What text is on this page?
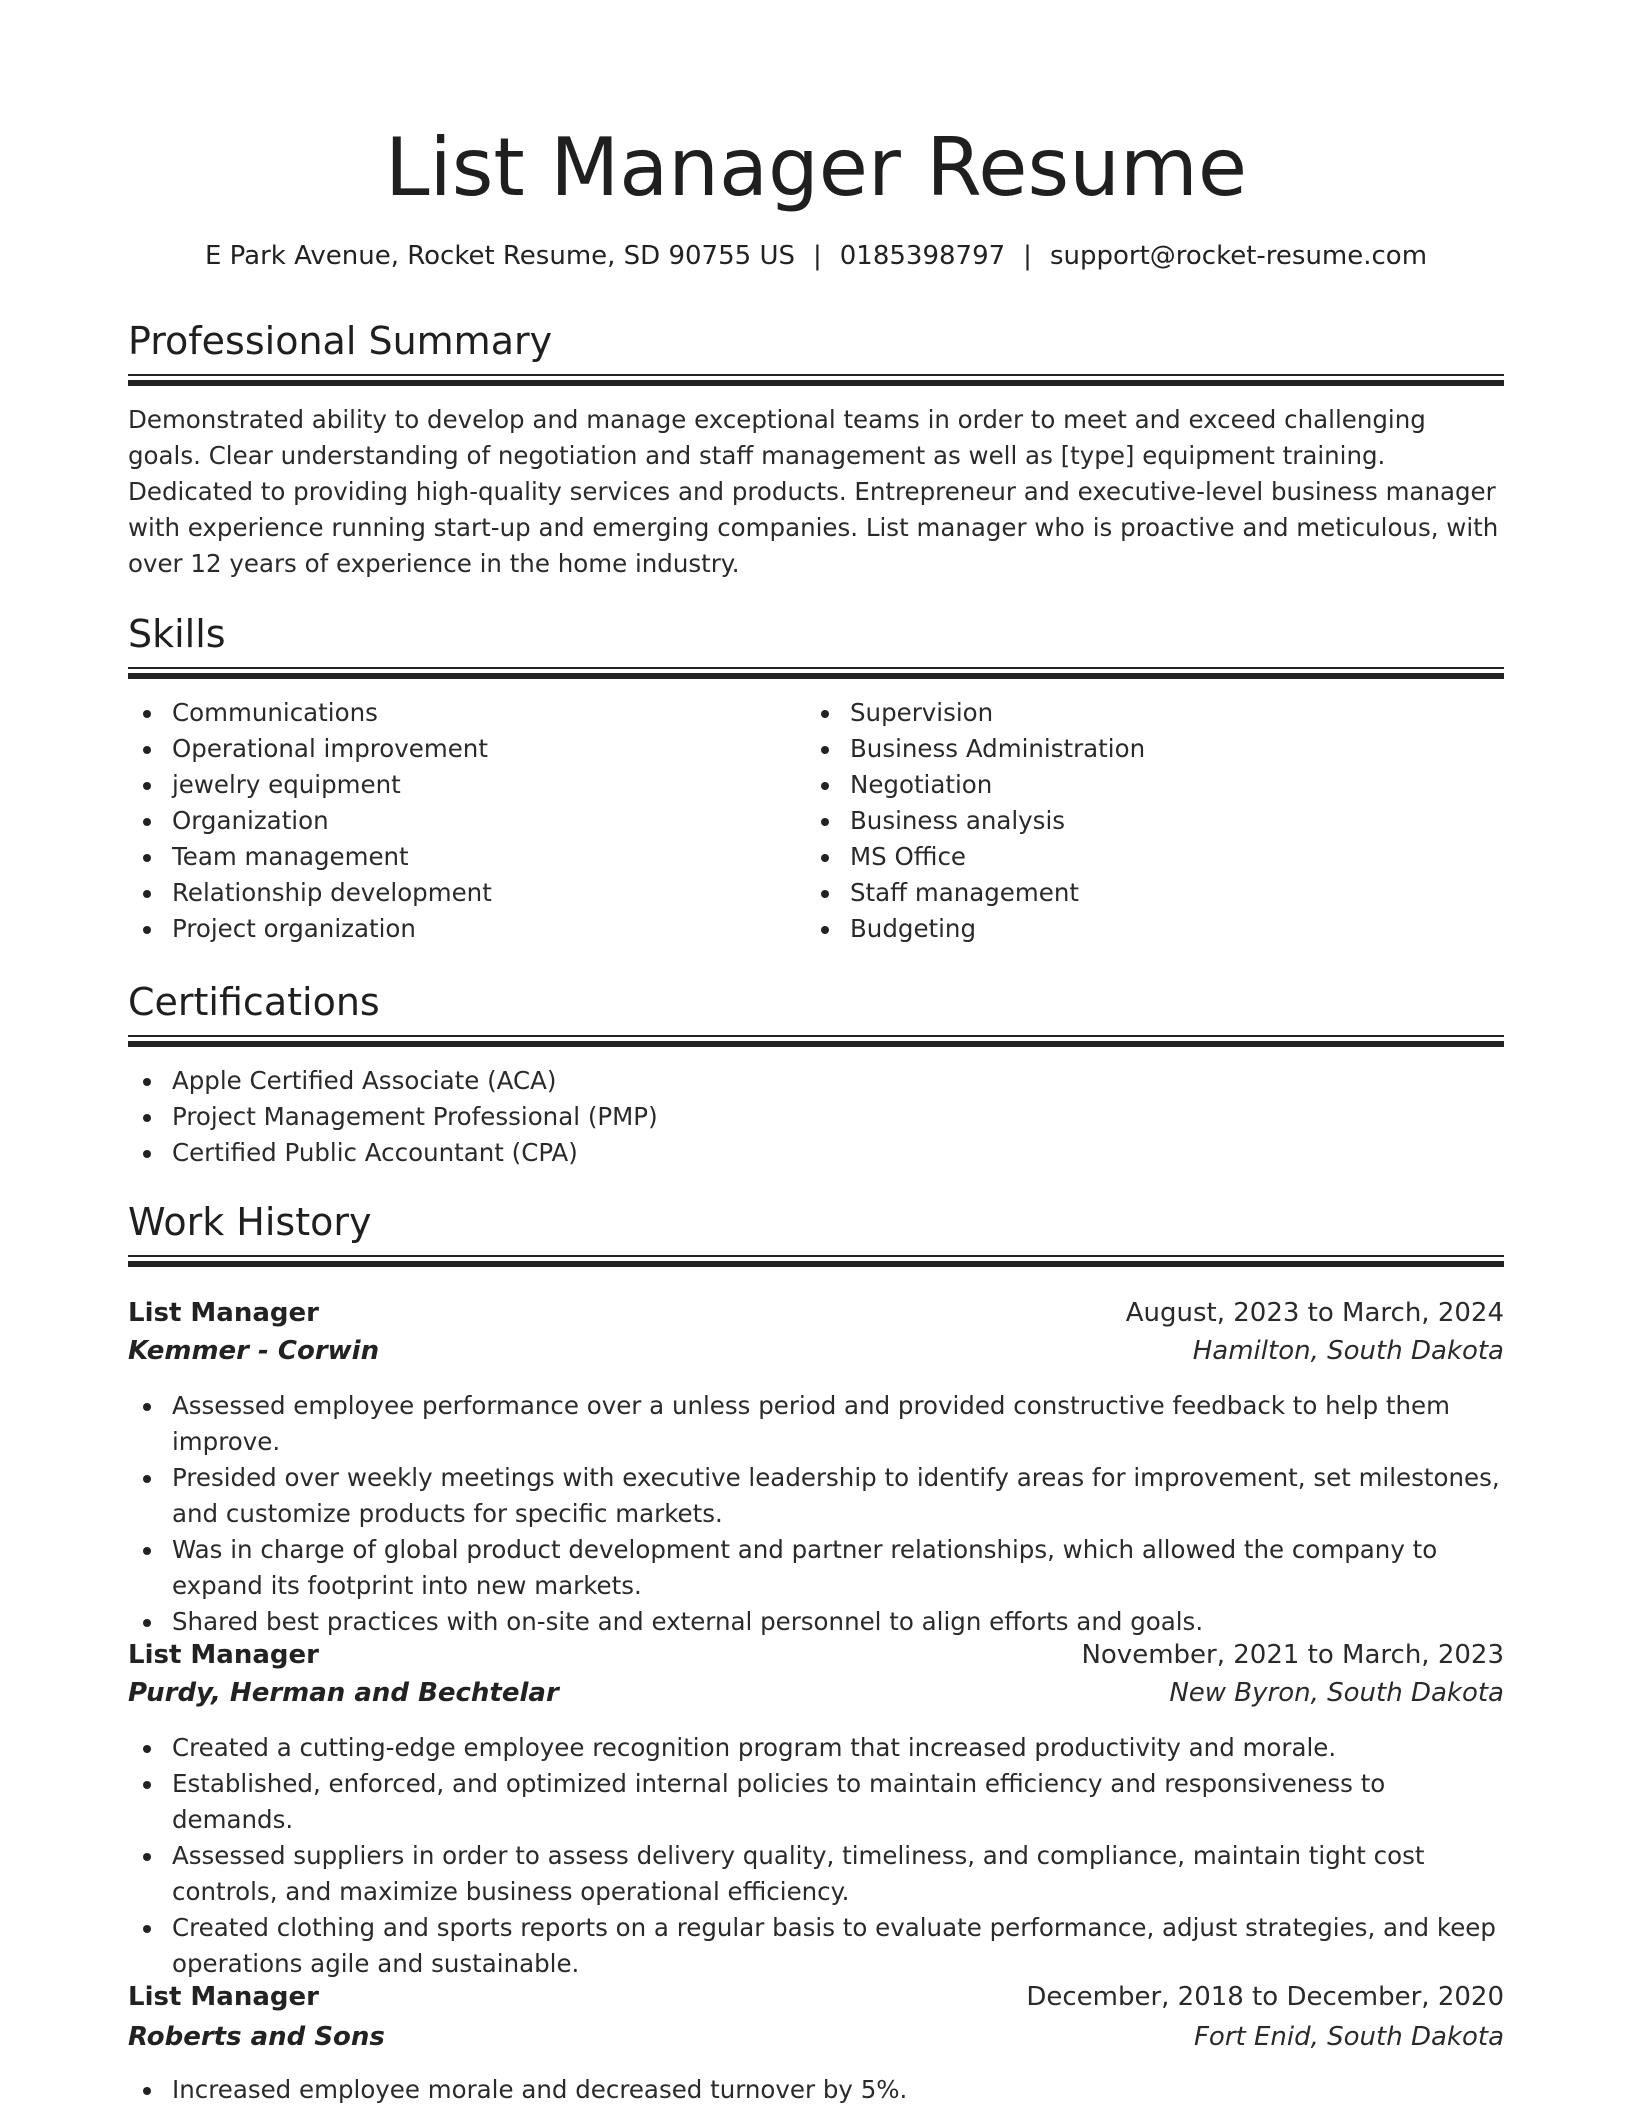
List Manager Resume
E Park Avenue, Rocket Resume, SD 90755 US | 0185398797 | support@rocket-resume.com
Professional Summary

Demonstrated ability to develop and manage exceptional teams in order to meet and exceed challenging goals. Clear understanding of negotiation and staff management as well as [type] equipment training. Dedicated to providing high-quality services and products. Entrepreneur and executive-level business manager with experience running start-up and emerging companies. List manager who is proactive and meticulous, with over 12 years of experience in the home industry.

Skills
Communications
Operational improvement
jewelry equipment
Organization
Team management
Relationship development
Project organization
Supervision
Business Administration
Negotiation
Business analysis
MS Office
Staff management
Budgeting
Certifications
Apple Certified Associate (ACA)
Project Management Professional (PMP)
Certified Public Accountant (CPA)
Work History
List Manager	August, 2023 to March, 2024
Kemmer - Corwin	Hamilton, South Dakota
Assessed employee performance over a unless period and provided constructive feedback to help them improve.
Presided over weekly meetings with executive leadership to identify areas for improvement, set milestones, and customize products for specific markets.
Was in charge of global product development and partner relationships, which allowed the company to expand its footprint into new markets.
Shared best practices with on-site and external personnel to align efforts and goals.
List Manager	November, 2021 to March, 2023
Purdy, Herman and Bechtelar	New Byron, South Dakota
Created a cutting-edge employee recognition program that increased productivity and morale.
Established, enforced, and optimized internal policies to maintain efficiency and responsiveness to demands.
Assessed suppliers in order to assess delivery quality, timeliness, and compliance, maintain tight cost controls, and maximize business operational efficiency.
Created clothing and sports reports on a regular basis to evaluate performance, adjust strategies, and keep operations agile and sustainable.
List Manager	December, 2018 to December, 2020
Roberts and Sons	Fort Enid, South Dakota
Increased employee morale and decreased turnover by 5%.
